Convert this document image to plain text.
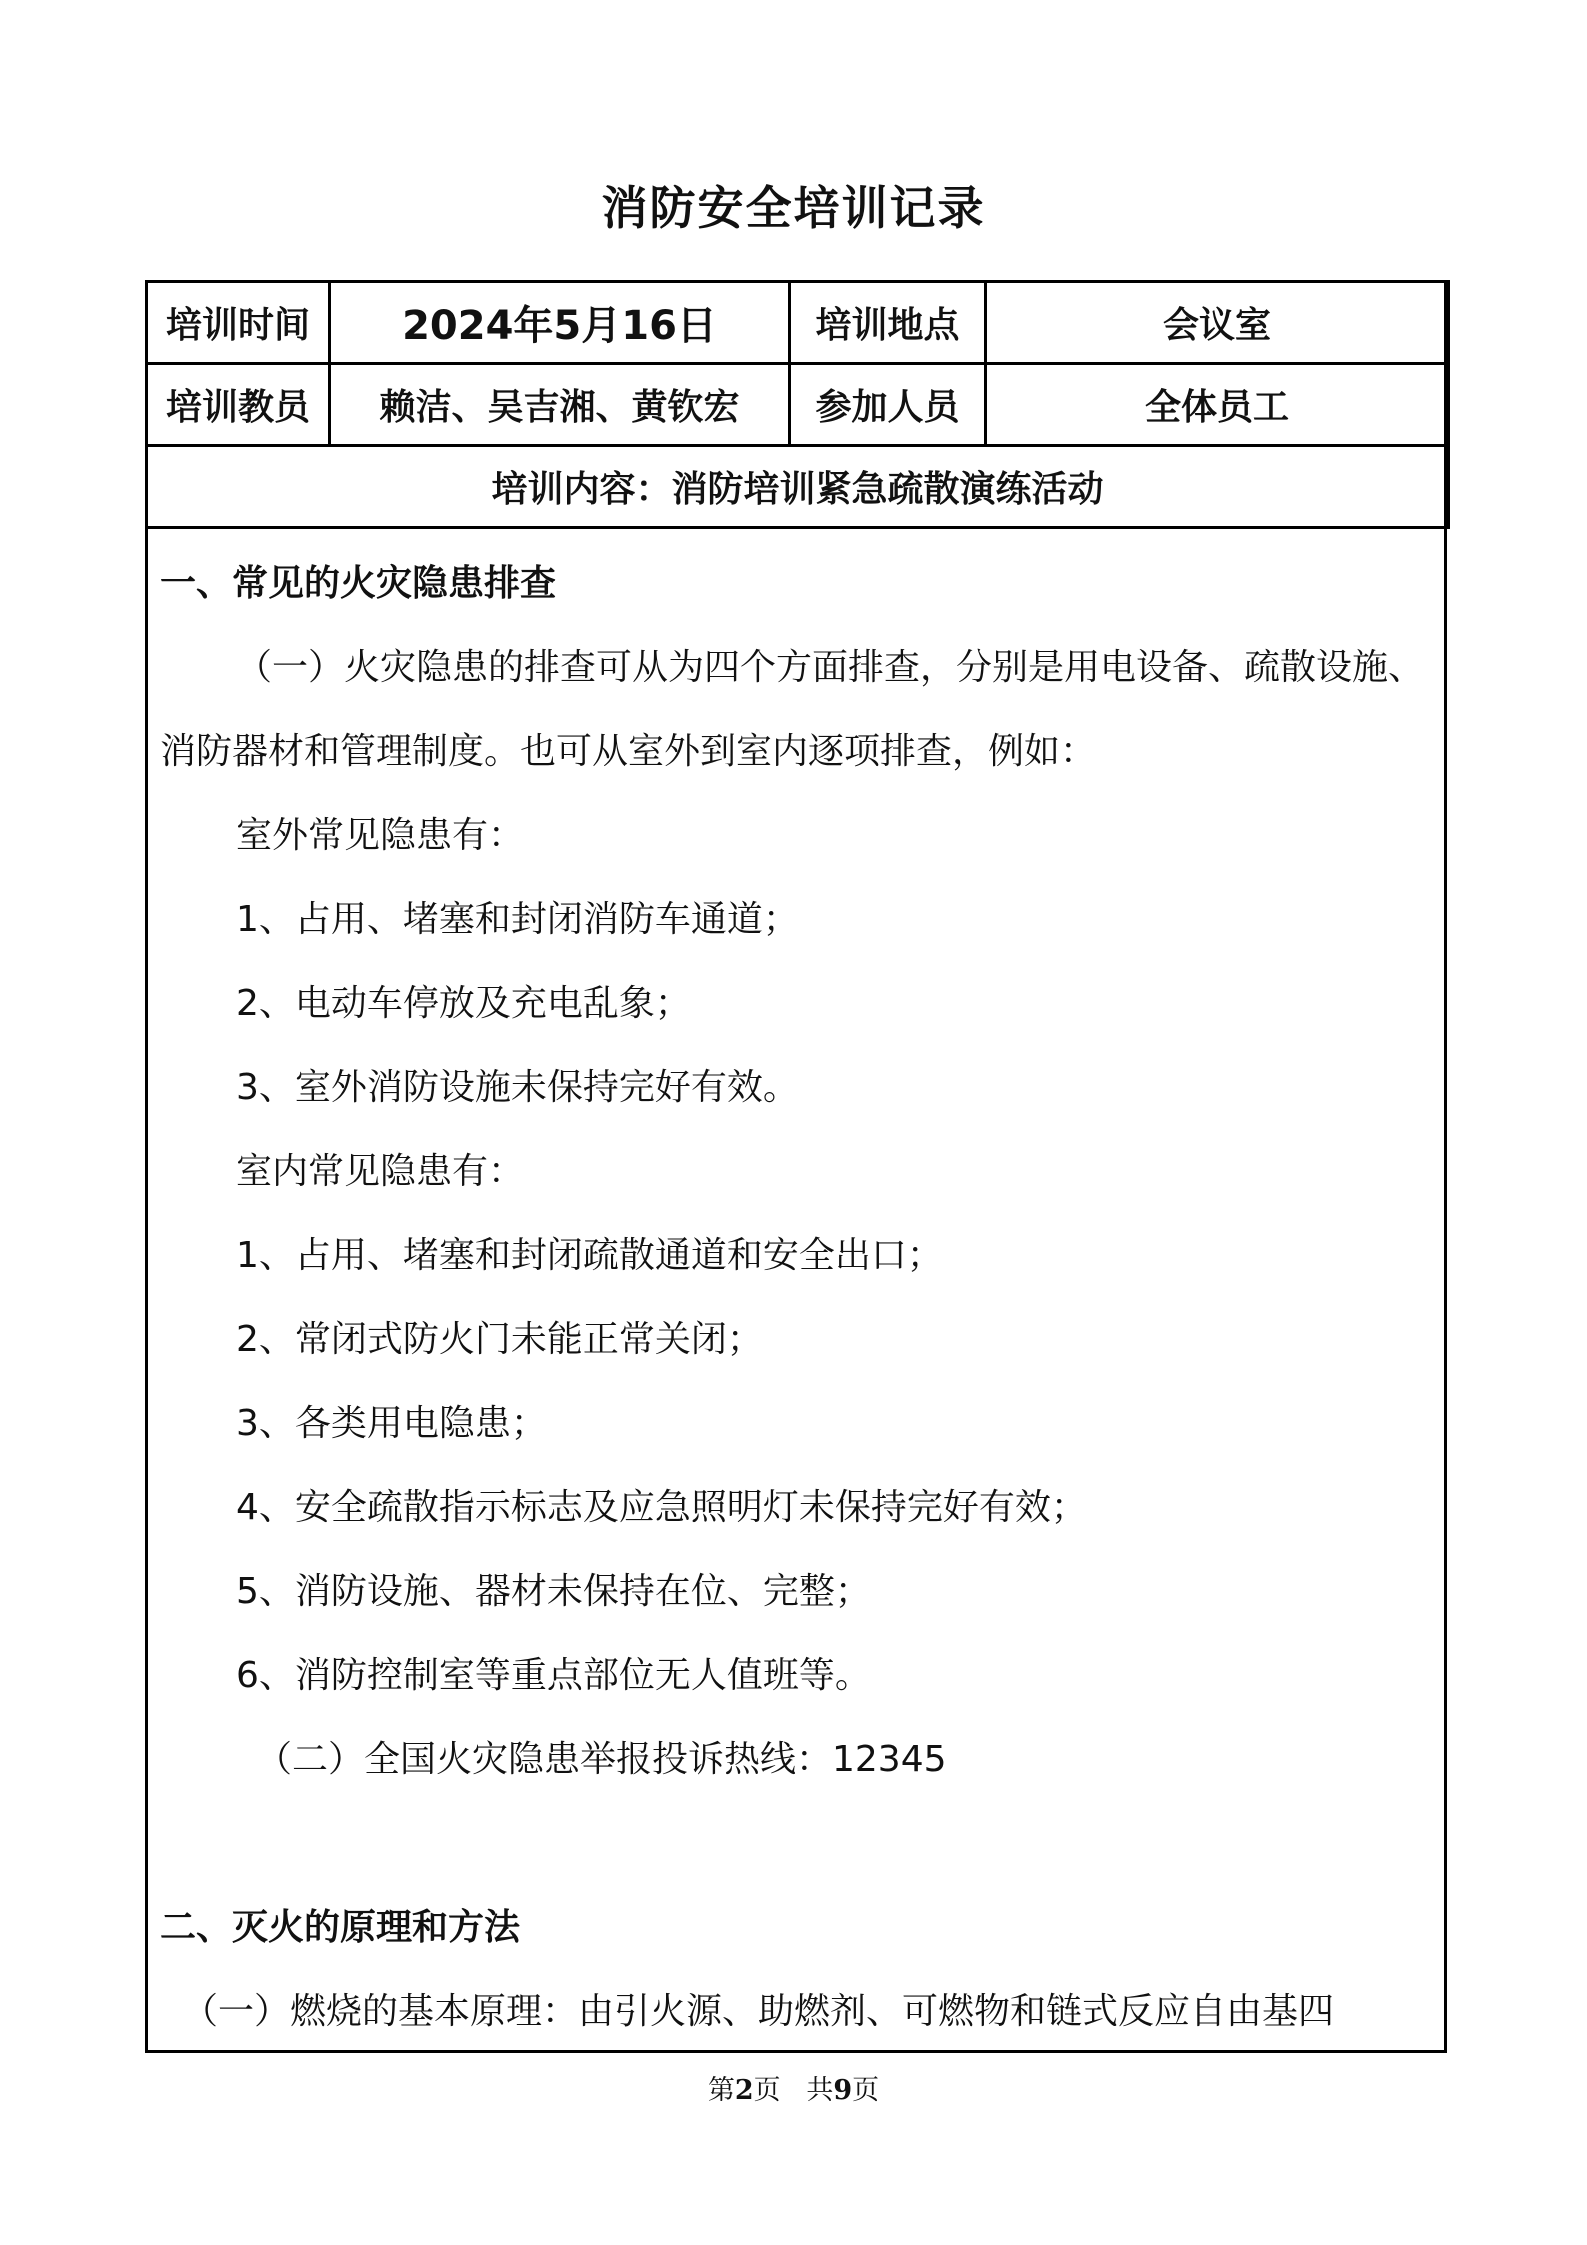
消防安全培训记录
培训时间	2024年5月16日	培训地点	会议室
培训教员	赖洁、吴吉湘、黄钦宏	参加人员	全体员工
培训内容：消防培训紧急疏散演练活动			

一、常见的火灾隐患排查

（一）火灾隐患的排查可从为四个方面排查，分别是用电设备、疏散设施、

消防器材和管理制度。也可从室外到室内逐项排查，例如：

室外常见隐患有：

1、占用、堵塞和封闭消防车通道；

2、电动车停放及充电乱象；

3、室外消防设施未保持完好有效。

室内常见隐患有：

1、占用、堵塞和封闭疏散通道和安全出口；

2、常闭式防火门未能正常关闭；

3、各类用电隐患；

4、安全疏散指示标志及应急照明灯未保持完好有效；

5、消防设施、器材未保持在位、完整；

6、消防控制室等重点部位无人值班等。

（二）全国火灾隐患举报投诉热线：12345

二、灭火的原理和方法

（一）燃烧的基本原理：由引火源、助燃剂、可燃物和链式反应自由基四

第2页   共9页
